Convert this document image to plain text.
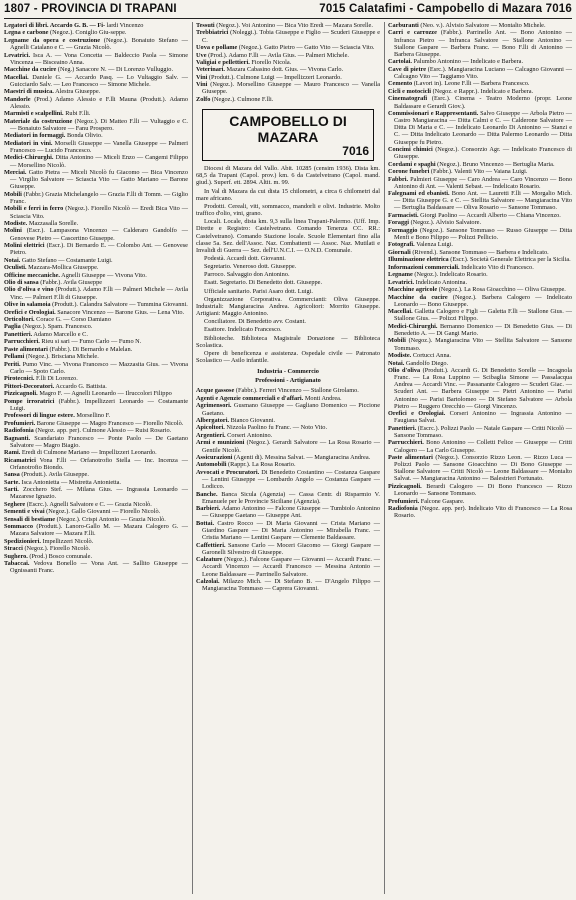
1807 - PROVINCIA DI TRAPANI	7015 Calatafimi - Campobello di Mazara 7016
Legatori di libri. Accardo G. B. — Fi- lardi Vincenzo
Legna e carbone (Negoz.). Coniglio Giu-seppe.
Legname da opera e costruzione (Negoz.). Bonaiuto Stefano — Agnelli Catalano e C. — Grazia Nicolò.
Levatrici. Isca A. — Vona Concetta — Baldeccio Paola — Simone Vincenza — Bisceaino Anna.
Macchine da cucire (Neg.) Sanacore N. — Di Lorenzo Vulluggio.
Macellai. Daniele G. — Accardo Pasq. — Lo Vultaggio Salv. — Guicciardo Salv. — Leo Francesco — Simone Michele.
Maestri di musica. Alestra Giuseppe.
Mandorle (Prod.) Adamo Alessio e F.lli Mauna (Produtt.). Adamo Alessio.
Marmisti e scalpellini. Rubi F.lli.
Materiale da costruzione (Negoz.). Di Matteo F.lli — Vultaggio e C. — Bonaiuto Salvatore — Fanu Prospero.
Mediatori in formaggi. Bonda Olivio.
Mediatori in vini. Morselli Giuseppe — Vanella Giuseppe — Palmeri Francesco — Lucido Francesco.
Medici-Chirurghi. Ditta Antonino — Miceli Enzo — Cangemi Filippo — Morsellino Nicolò.
Merciai. Gatto Pietra — Miceli Nicolò fu Giacomo — Bica Vincenzo — Virgilio Salvatore — Sciascia Vito — Gatto Mariano — Barone Giuseppe.
Mobili (Fabbr.) Grazia Michelangelo — Grazia F.lli di Tomm. — Giglio Franc.
Mobili e ferri in ferro (Negoz.). Fiorello Nicolò — Eredi Bica Vito — Sciascia Vito.
Modiste. Mazzasalla Sorelle.
Molini (Escr.). Lampasona Vincenzo — Calderaro Gandolfo — Genovese Pietro — Cascertino Giuseppe.
Molini elettrici (Escr.). Di Bernardo E. — Colombo Ant. — Genovese Pietro.
Notai. Gatto Stefano — Costamante Luigi.
Oculisti. Mazzara-Mollica Giuseppe.
Officine meccaniche. Agnelli Giuseppe — Vivona Vito.
Olio di sansa (Fabbr.). Avila Giuseppe
Olio d'oliva e vino (Produtt.). Adamo F.lli — Palmeri Michele — Avila Vinc. — Palmeri F.lli di Giuseppe.
Olive in salamoia (Produtt.). Calandra Salvatore — Tummina Giovanni.
Orefici e Orologiai. Sanacore Vincenzo — Barone Gius. — Lena Vito.
Orticoltori. Corace G. — Corso Damiano
Paglia (Negoz.). Spam. Francesco.
Panettieri. Adamo Marcello e C.
Parrucchieri. Rieu si sari — Fumo Carlo — Fumo N.
Paste alimentari (Fabbr.). Di Bernardo e Malelan.
Pellami (Negoz.). Brisciana Michele.
Periti. Pumo Vinc. — Vivona Francesco — Mazzasita Gius. — Vivona Carlo — Spoto Carlo.
Pirotecnici. F.lli Di Lorenzo.
Pittori-Decoratori. Accardo G. Battista.
Pizzicagnoli. Magro F. — Agnelli Leonardo — Ilruccolori Filippo
Pompe irroratrici (Fabbr.). Impellizzeri Leonardo — Costamante Luigi.
Professori di lingue estere. Morsellino F.
Profumieri. Barone Giuseppe — Magro Francesco — Fiorello Nicolò.
Radiofonia (Negoz. app. per). Culmone Alessio — Ruisi Rosario.
Bagnanti. Scandariato Francesco — Ponte Paolo — De Gaetano Salvatore — Magro Biagio.
Rami. Eredi di Culmone Mariano — Impellizzeri Leonardo.
Ricamatrici Vona F.lli — Orfanotrofio Stella — Inc. Incenza — Orfanotrofio Biondo.
Sansa (Produtt.). Avila Giuseppe.
Sarte. Isca Antonietta — Mistretta Antonietta.
Sarti. Zocchero Stef. — Milana Gius. — Ingrassia Leonardo — Mazarese Ignazio.
Seghere (Escrc.). Agnelli Salvatore e C. — Grazia Nicolò.
Sementi e vivai (Negoz.). Gallo Giovanni — Fiorello Nicolò.
Sensali di bestiame (Negoz.). Crispi Antonio — Grazia Nicolò.
Sommacco (Produtt.). Lanoro-Gallo M. — Mazara Calogero G. — Mazara Salvatore — Mazara F.lli.
Spedizionieri. Impellizzeri Nicolò.
Stracci (Negoz.). Fiorello Nicolò.
Sughero. (Prod.) Bosco comunale.
Tabaccai. Vedova Bonello — Vona Ant. — Sallito Giuseppe — Ognissanti Franc.
Tessuti (Negoz.). Voi Antonino — Bica Vito Eredi — Mazara Sorelle.
Trebbiatrici (Noleggi.). Tobia Giuseppe e Figlio — Scuderi Giuseppe e C.
Uova e pollame (Negoz.). Gatto Pietro — Gatto Vito — Sciascia Vito.
Uve (Prod.). Adamo F.lli — Avila Gius. — Palmeri Michele.
Valigiai e pellettieri. Fiorello Nicola.
Veterinari. Mazara Cabasino dott. Gius. — Vivona Carlo.
Vini (Produtt.). Culmone Luigi — Impellizzeri Leonardo.
Vini (Negoz.). Morsellino Giuseppe — Mauro Francesco — Vanella Giuseppe.
Zolfo (Negoz.). Culmone F.lli.
CAMPOBELLO DI MAZARA
7016
Diocesi di Mazara del Vallo. Abit. 10285 (censim 1936). Dista km. 68,5 da Trapani (Capol. prov.) km. 6 da Castelvetrano (Capol. mand. giud.). Superf. ett. 2894. Altit. m. 99.
In Val di Mazara da cui dista 15 chilometri, a circa 6 chilometri dal mare africano.
Prodotti. Cereali, viti, sommacco, mandorli e olivi. Industrie. Molto traffico d'olio, vini, grano.
Locali. Locale, dista km. 9,3 sulla linea Trapani-Palermo. (Uff. Imp. Dirette e Registro: Castelvetrano. Comando Tenenza CC. RR.: Castelvetrano). Comando Stazione locale. Scuole Elementari fino alla classe 5a. Sez. dell'Assoc. Naz. Combattenti — Assoc. Naz. Mutilati e Invalidi di Guerra — Sez. dell'U.N.C.I. — O.N.D. Comunale.
Podestà. Accardi dott. Giovanni.
Segretario. Veneroso dott. Giuseppe.
Parroco. Salvaggio don Antonino.
Esatt. Segretario. Di Benedetto dott. Giuseppe.
Ufficiale sanitario. Parisi Asaro dott. Luigi.
Organizzazione Corporativa. Commercianti: Oliva Giuseppe. Industriali: Mangiaracina Andrea. Agricoltori: Morrito Giuseppe. Artigiani: Maggio Antonino.
Conciliatore. Di Benedetto avv. Costant.
Esattore. Indelicato Francesco.
Biblioteche. Biblioteca Magistrale Donazione — Biblioteca Scolastica.
Opere di beneficenza e assistenza. Ospedale civile — Patronato Scolastico — Asilo infantile.
Industria - Commercio
Professioni - Artigianato
Acque gassose (Fabbr.). Ferreri Vincenzo — Stallone Girolamo.
Agenti e Agenzie commerciali e d'affari. Monti Andrea.
Agrimensori. Gusmano Giuseppe — Gagliano Domenico — Piccione Gaetano.
Albergatori. Bianco Giovanni.
Apicoltori. Nizzola Paolino fu Franc. — Noto Vito.
Argentieri. Corseri Antonino.
Armi e munizioni (Negoz.). Gerardi Salvatore — La Rosa Rosario — Gentile Nicolò.
Assicurazioni (Agenti di). Messina Salvat. — Mangiaracina Andrea.
Automobili (Rappr.). La Rosa Rosario.
Avvocati e Procuratori. Di Benedetto Costantino — Costanza Gaspare — Lentini Giuseppe — Lombardo Angelo — Costanza Gaspare — Lodicco.
Banche. Banca Sicula (Agenzia) — Cassa Centr. di Risparmio V. Emanuele per le Provincie Siciliane (Agenzia).
Barbieri. Adamo Antonino — Falcone Giuseppe — Tumbiolo Antonino — Giuseppe Gaetano — Giuseppe Ant.
Bottai. Castro Rocco — Di Maria Giovanni — Crista Mariano — Giardino Gaspare — Di Maria Antonino — Mirabella Franc. — Cristia Mariano — Lentini Gaspare — Clemente Baldassare.
Caffettieri. Sansone Carlo — Moceri Giacomo — Giorgi Gaspare — Garonelli Silvestro di Giuseppe.
Calzature (Negoz.). Falcone Gaspare — Giovanni — Accardi Franc. — Accardi Vincenzo — Accardi Francesco — Messina Antonio — Leone Baldassare — Parrinello Salvatore.
Calzolai. Milazzo Mich. — Di Stefano B. — D'Angelo Filippo — Mangiaracina Tommaso — Caprera Giovanni.
Carburanti (Neo. v.). Alvisio Salvatore — Montalto Michele.
Carri e carrozze (Fabbr.). Parrinello Ant. — Bono Antonino — Infranca Pietro — Infranca Salvatore — Stallone Antonino — Stallone Gaspare — Barbera Franc. — Bono F.lli di Antonino — Barbera Giuseppe.
Cartolai. Palumbo Antonino — Indelicato e Barbera.
Cave di pietre (Esrc.). Mangiaracina Luciano — Calcagno Giovanni — Calcagno Vito — Taggiamo Vito.
Cemento (Lavori in). Leone F.lli — Barbera Francesco.
Cicli e motocicli (Negoz. e Rappr.). Indelicato e Barbera.
Cinematografi (Esrc.). Cinema - Teatro Moderno (propr. Leone Baldassare e Gerardi Giov.).
Commissionari e Rappresentanti. Salvo Giuseppe — Arbola Pietro — Castro Mangiaracina — Ditta Calmi e C. — Calderone Salvatore — Ditta Di Maria e C. — Indelicato Leonardo Di Antonino — Stanzi e C. — Ditta Indelicato Leonardo — Ditta Palermo Leonardo — Ditta Giuseppe fu Pietro.
Concimi chimici (Negoz.). Consorzio Agr. — Indelicato Francesco di Giuseppe.
Cordami e spaghi (Negoz.). Bruno Vincenzo — Bertuglia Maria.
Corone funebri (Fabbr.). Valenti Vito — Vaiana Luigi.
Fabbri. Palmieri Giuseppe — Caro Andrea — Caro Vincenzo — Bono Antonino di Ant. — Valenti Sebast. — Indelicato Rosario.
Falegnami ed ebanisti. Bono Ant. — Lauretti F.lli — Morgalio Mich. — Ditta Giuseppe G. e C. — Stellita Salvatore — Mangiaracina Vito — Bertuglia Baldassare — Oliva Rosario — Sansone Tommaso.
Farmacisti. Giorgi Paolino — Accardi Alberto — Chiana Vincenzo.
Foraggi (Negoz.). Alvisio Salvatore.
Formaggio (Negoz.). Sansone Tommaso — Russo Giuseppe — Ditta Menfi e Bono Filippo — Polizzi Pellicio.
Fotografi. Valenza Luigi.
Giornali (Rivend.). Sansone Tommaso — Barbera e Indelicato.
Illuminazione elettrica (Escr.). Società Generale Elettrica per la Sicilia.
Informazioni commerciali. Indelicato Vito di Francesco.
Legname (Negoz.). Indelicato Rosario.
Levatrici. Indelicato Antonina.
Macchine agricole (Negoz.). La Rosa Gioacchino — Oliva Giuseppe.
Macchine da cucire (Negoz.). Barbera Calogero — Indelicato Leonardo — Bono Giuseppe.
Macellai. Galletta Calogero e Figli — Galetta F.lli — Stallone Gius. — Stallone Gius. — Polizzi Filippo.
Medici-Chirurghi. Bernanno Domenico — Di Benedetto Gius. — Di Benedetto A. — Di Gangi Mario.
Mobili (Negoz.). Mangiaracina Vito — Stellita Salvatore — Sansone Tommaso.
Modiste. Cortucci Anna.
Notai. Gandolfo Diego.
Olio d'oliva (Produtt.). Accardi G. Di Benedetto Sorelle — Incagnola Franc. — La Rosa Luppino — Scibaglia Simone — Passalacqua Andrea — Accardi Vinc. — Passanante Calogero — Scuderi Giac. — Scuderi Ant. — Barbera Giuseppe — Pietri Antonino — Parisi Antonino — Parisi Bartolomeo — Di Stefano Salvatore — Arbola Pietro — Ruggero Orecchio — Giorgi Vincenzo.
Orefici e Orologiai. Corseri Antonino — Ingrassia Antonino — Faugiana Salvat.
Panettieri. (Escrc.). Polizzi Paolo — Natale Gaspare — Critti Nicolò — Sansone Tommaso.
Parrucchieri. Bono Antonino — Colletti Felice — Giuseppe — Critti Calogero — La Carlo Giuseppe.
Paste alimentari (Negoz.). Consorzio Rizzo Leon. — Rizzo Luca — Polizzi Paolo — Sansone Gioacchino — Di Bono Giuseppe — Stallone Salvatore — Critti Nicolò — Leone Baldassare — Montalto Salvat. — Mangiaracina Antonino — Balestrieri Fortunato.
Pizzicagnoli. Berardi Calogero — Di Bono Francesco — Rizzo Leonardo — Sansone Tommaso.
Profumieri. Falcone Gaspare.
Radiofonia (Negoz. app. per). Indelicato Vito di Francesco — La Rosa Rosario.
